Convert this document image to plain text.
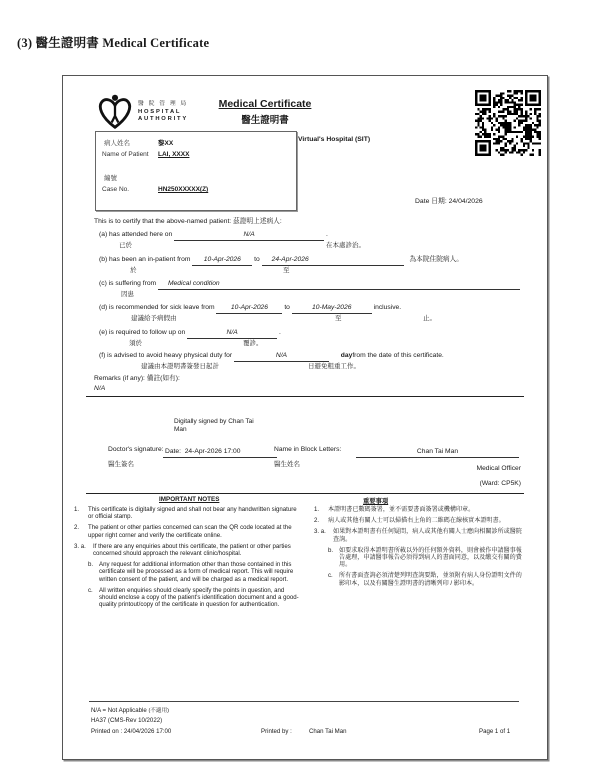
(3) 醫生證明書 Medical Certificate
醫 院 管 理 局
HOSPITAL
AUTHORITY
Medical Certificate
醫生證明書
病人姓名	黎XX
Name of Patient LAI, XXXX
編號
Case No.	HN250XXXXX(Z)
Virtual's Hospital (SIT)
Date 日期: 24/04/2026
This is to certify that the above-named patient: 茲證明上述病人:
(a) has attended here on	N/A	.
已於	在本處診治。
(b) has been an in-patient from 10-Apr-2026 to 24-Apr-2026	為本院住院病人。
於	至
(c) is suffering from Medical condition
因患
(d) is recommended for sick leave from 10-Apr-2026 to	10-May-2026	inclusive.
建議給予病假由	至	止。
(e) is required to follow up on	N/A	.
須於	覆診。
(f) is advised to avoid heavy physical duty for	N/A	dayfrom the date of this certificate.
建議由本證明書簽發日起計	日避免粗重工作。
Remarks (if any): 備註(如有):
N/A
Digitally signed by Chan Tai
Man
Doctor's signature: Date: 24-Apr-2026 17:00	Name in Block Letters:	Chan Tai Man
醫生簽名	醫生姓名
Medical Officer
(Ward: CP5K)
IMPORTANT NOTES	重要事項
1.	This certificate is digitally signed and shall not bear any handwritten signature or official stamp.
2.	The patient or other parties concerned can scan the QR code located at the upper right corner and verify the certificate online.
3. a.	If there are any enquiries about this certificate, the patient or other parties concerned should approach the relevant clinic/hospital.
b. Any request for additional information other than those contained in this certificate will be processed as a form of medical report. This will require written consent of the patient, and will be charged as a medical report.
c.	All written enquiries should clearly specify the points in question, and should enclose a copy of the patient's identification document and a good-quality printout/copy of the certificate in question for authentication.
1.	本證明書已數碼簽署，並不需要書面簽署或機構印章。
2.	病人或其他有關人士可以掃描右上角的二維碼在線核實本證明書。
3. a.	如果對本證明書有任何疑問，病人或其他有關人士應向相關診所或醫院查詢。
b. 如要求取得本證明書所載以外的任何額外資料，則會被作申請醫事報告處理，申請醫事報告必須得到病人的書面同意，以及繳交有關的費用。
c.	所有書面查詢必須清楚列明查詢要點，並須附有病人身份證明文件的影印本，以及有關醫生證明書的清晰列印 / 影印本。
N/A = Not Applicable (不適用)
HA37 (CMS-Rev 10/2022)
Printed on : 24/04/2026 17:00	Printed by :	Chan Tai Man	Page 1 of 1
